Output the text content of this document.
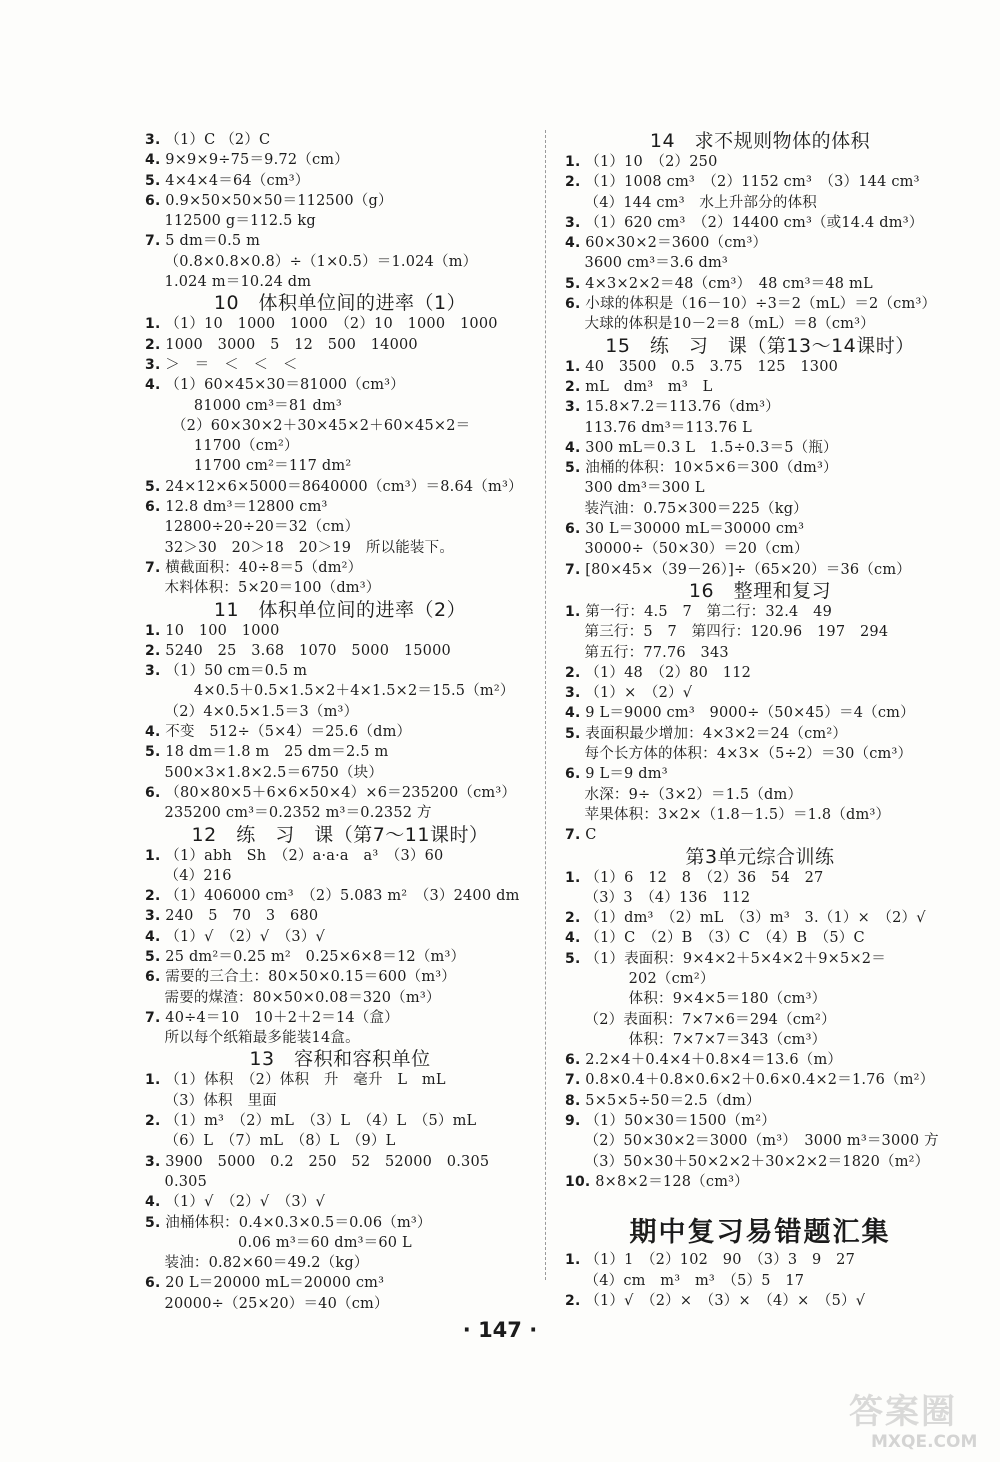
3. （1）C （2）C
4. 9×9×9÷75＝9.72（cm）
5. 4×4×4＝64（cm³）
6. 0.9×50×50×50＝112500（g）
　 112500 g＝112.5 kg
7. 5 dm＝0.5 m
　 （0.8×0.8×0.8）÷（1×0.5）＝1.024（m）
　 1.024 m＝10.24 dm
10　体积单位间的进率（1）
1. （1）10　1000　1000　（2）10　1000　1000
2. 1000　3000　5　12　500　14000
3. ＞　＝　＜　＜　＜
4. （1）60×45×30＝81000（cm³）
　 　　81000 cm³＝81 dm³
　 　（2）60×30×2＋30×45×2＋60×45×2＝
　 　　11700（cm²）
　 　　11700 cm²＝117 dm²
5. 24×12×6×5000＝8640000（cm³）＝8.64（m³）
6. 12.8 dm³＝12800 cm³
　 12800÷20÷20＝32（cm）
　 32＞30　20＞18　20＞19　所以能装下。
7. 横截面积：40÷8＝5（dm²）
　 木料体积：5×20＝100（dm³）
11　体积单位间的进率（2）
1. 10　100　1000
2. 5240　25　3.68　1070　5000　15000
3. （1）50 cm＝0.5 m
　 　　4×0.5＋0.5×1.5×2＋4×1.5×2＝15.5（m²）
　 （2）4×0.5×1.5＝3（m³）
4. 不变　512÷（5×4）＝25.6（dm）
5. 18 dm＝1.8 m　25 dm＝2.5 m
　 500×3×1.8×2.5＝6750（块）
6. （80×80×5＋6×6×50×4）×6＝235200（cm³）
　 235200 cm³＝0.2352 m³＝0.2352 方
12　练　习　课（第7～11课时）
1. （1）abh　Sh　（2）a·a·a　a³　（3）60
　 （4）216
2. （1）406000 cm³　（2）5.083 m²　（3）2400 dm
3. 240　5　70　3　680
4. （1）√　（2）√　（3）√
5. 25 dm²＝0.25 m²　0.25×6×8＝12（m³）
6. 需要的三合土：80×50×0.15＝600（m³）
　 需要的煤渣：80×50×0.08＝320（m³）
7. 40÷4＝10　10＋2＋2＝14（盒）
　 所以每个纸箱最多能装14盒。
13　容积和容积单位
1. （1）体积　（2）体积　升　毫升　L　mL
　 （3）体积　里面
2. （1）m³　（2）mL　（3）L　（4）L　（5）mL
　 （6）L　（7）mL　（8）L　（9）L
3. 3900　5000　0.2　250　52　52000　0.305
　 0.305
4. （1）√　（2）√　（3）√
5. 油桶体积：0.4×0.3×0.5＝0.06（m³）
　 　　　　　0.06 m³＝60 dm³＝60 L
　 装油：0.82×60＝49.2（kg）
6. 20 L＝20000 mL＝20000 cm³
　 20000÷（25×20）＝40（cm）
14　求不规则物体的体积
1. （1）10　（2）250
2. （1）1008 cm³　（2）1152 cm³　（3）144 cm³
　 （4）144 cm³　水上升部分的体积
3. （1）620 cm³　（2）14400 cm³（或14.4 dm³）
4. 60×30×2＝3600（cm³）
　 3600 cm³＝3.6 dm³
5. 4×3×2×2＝48（cm³）　48 cm³＝48 mL
6. 小球的体积是（16－10）÷3＝2（mL）＝2（cm³）
　 大球的体积是10－2＝8（mL）＝8（cm³）
15　练　习　课（第13～14课时）
1. 40　3500　0.5　3.75　125　1300
2. mL　dm³　m³　L
3. 15.8×7.2＝113.76（dm³）
　 113.76 dm³＝113.76 L
4. 300 mL＝0.3 L　1.5÷0.3＝5（瓶）
5. 油桶的体积：10×5×6＝300（dm³）
　 300 dm³＝300 L
　 装汽油：0.75×300＝225（kg）
6. 30 L＝30000 mL＝30000 cm³
　 30000÷（50×30）＝20（cm）
7. [80×45×（39－26）]÷（65×20）＝36（cm）
16　整理和复习
1. 第一行：4.5　7　第二行：32.4　49
　 第三行：5　7　第四行：120.96　197　294
　 第五行：77.76　343
2. （1）48　（2）80　112
3. （1）×　（2）√
4. 9 L＝9000 cm³　9000÷（50×45）＝4（cm）
5. 表面积最少增加：4×3×2＝24（cm²）
　 每个长方体的体积：4×3×（5÷2）＝30（cm³）
6. 9 L＝9 dm³
　 水深：9÷（3×2）＝1.5（dm）
　 苹果体积：3×2×（1.8－1.5）＝1.8（dm³）
7. C
第3单元综合训练
1. （1）6　12　8　（2）36　54　27
　 （3）3　（4）136　112
2. （1）dm³　（2）mL　（3）m³　3.（1）×　（2）√
4. （1）C　（2）B　（3）C　（4）B　（5）C
5. （1）表面积：9×4×2＋5×4×2＋9×5×2＝
　 　　　202（cm²）
　 　　　体积：9×4×5＝180（cm³）
　 （2）表面积：7×7×6＝294（cm²）
　 　　　体积：7×7×7＝343（cm³）
6. 2.2×4＋0.4×4＋0.8×4＝13.6（m）
7. 0.8×0.4＋0.8×0.6×2＋0.6×0.4×2＝1.76（m²）
8. 5×5×5÷50＝2.5（dm）
9. （1）50×30＝1500（m²）
　 （2）50×30×2＝3000（m³）　3000 m³＝3000 方
　 （3）50×30＋50×2×2＋30×2×2＝1820（m²）
10. 8×8×2＝128（cm³）
期中复习易错题汇集
1. （1）1　（2）102　90　（3）3　9　27
　 （4）cm　m³　m³　（5）5　17
2. （1）√　（2）×　（3）×　（4）×　（5）√
· 147 ·
答案圈
MXQE.COM
